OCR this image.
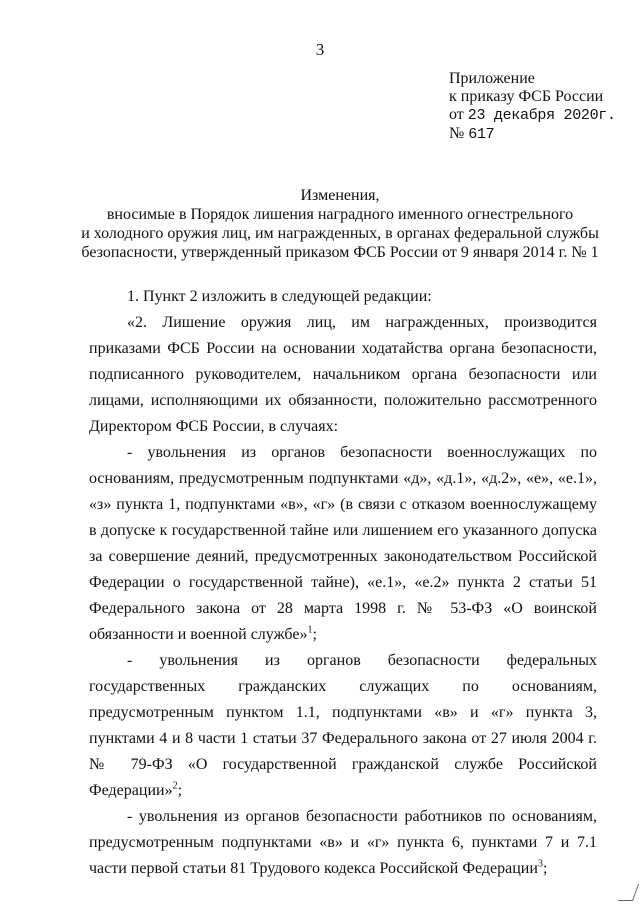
3
Приложение
к приказу ФСБ России
от 23 декабря 2020г.
№ 617
Изменения,
вносимые в Порядок лишения наградного именного огнестрельного
и холодного оружия лиц, им награжденных, в органах федеральной службы
безопасности, утвержденный приказом ФСБ России от 9 января 2014 г. № 1

1. Пункт 2 изложить в следующей редакции:

«2. Лишение оружия лиц, им награжденных, производится приказами ФСБ России на основании ходатайства органа безопасности, подписанного руководителем, начальником органа безопасности или лицами, исполняющими их обязанности, положительно рассмотренного Директором ФСБ России, в случаях:

- увольнения из органов безопасности военнослужащих по основаниям, предусмотренным подпунктами «д», «д.1», «д.2», «е», «е.1», «з» пункта 1, подпунктами «в», «г» (в связи с отказом военнослужащему в допуске к государственной тайне или лишением его указанного допуска за совершение деяний, предусмотренных законодательством Российской Федерации о государственной тайне), «е.1», «е.2» пункта 2 статьи 51 Федерального закона от 28 марта 1998 г. № 53-ФЗ «О воинской обязанности и военной службе»$^1$;

- увольнения из органов безопасности федеральных государственных гражданских служащих по основаниям, предусмотренным пунктом 1.1, подпунктами «в» и «г» пункта 3, пунктами 4 и 8 части 1 статьи 37 Федерального закона от 27 июля 2004 г. № 79-ФЗ «О государственной гражданской службе Российской Федерации»$^2$;

- увольнения из органов безопасности работников по основаниям, предусмотренным подпунктами «в» и «г» пункта 6, пунктами 7 и 7.1 части первой статьи 81 Трудового кодекса Российской Федерации$^3$;
